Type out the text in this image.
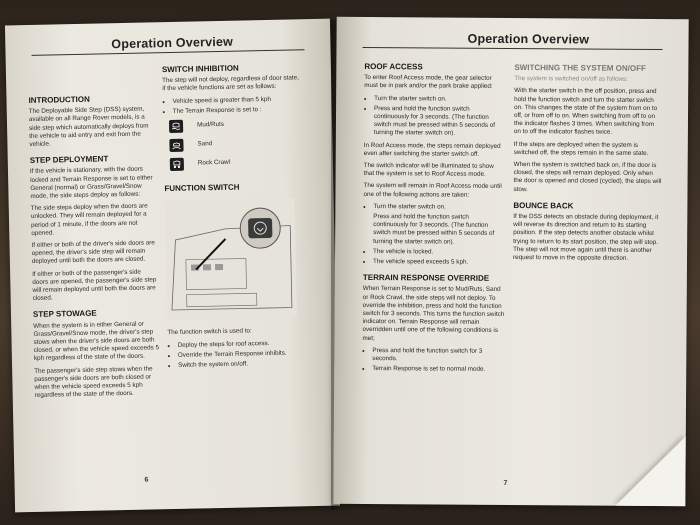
Operation Overview
INTRODUCTION
The Deployable Side Step (DSS) system, available on all Range Rover models, is a side step which automatically deploys from the vehicle to aid entry and exit from the vehicle.
STEP DEPLOYMENT
If the vehicle is stationary, with the doors locked and Terrain Response is set to either General (normal) or Grass/Gravel/Snow mode, the side steps deploy as follows:
The side steps deploy when the doors are unlocked. They will remain deployed for a period of 1 minute, if the doors are not opened.
If either or both of the driver's side doors are opened, the driver's side step will remain deployed until both the doors are closed.
If either or both of the passenger's side doors are opened, the passenger's side step will remain deployed until both the doors are closed.
STEP STOWAGE
When the system is in either General or Grass/Gravel/Snow mode, the driver's step stows when the driver's side doors are both closed, or when the vehicle speed exceeds 5 kph regardless of the state of the doors.
The passenger's side step stows when the passenger's side doors are both closed or when the vehicle speed exceeds 5 kph regardless of the state of the doors.
SWITCH INHIBITION
The step will not deploy, regardless of door state, if the vehicle functions are set as follows:
• Vehicle speed is greater than 5 kph
• The Terrain Response is set to :
Mud/Ruts
Sand
Rock Crawl
FUNCTION SWITCH
The function switch is used to:
• Deploy the steps for roof access.
• Override the Terrain Response inhibits.
• Switch the system on/off.
6
Operation Overview
ROOF ACCESS
To enter Roof Access mode, the gear selector must be in park and/or the park brake applied:
• Turn the starter switch on.
• Press and hold the function switch continuously for 3 seconds. (The function switch must be pressed within 5 seconds of turning the starter switch on).
In Roof Access mode, the steps remain deployed even after switching the starter switch off.
The switch indicator will be illuminated to show that the system is set to Roof Access mode.
The system will remain in Roof Access mode until one of the following actions are taken:
• Turn the starter switch on.
Press and hold the function switch continuously for 3 seconds. (The function switch must be pressed within 5 seconds of turning the starter switch on).
• The vehicle is locked.
• The vehicle speed exceeds 5 kph.
TERRAIN RESPONSE OVERRIDE
When Terrain Response is set to Mud/Ruts, Sand or Rock Crawl, the side steps will not deploy. To override the inhibition, press and hold the function switch for 3 seconds. This turns the function switch indicator on. Terrain Response will remain overridden until one of the following conditions is met;
• Press and hold the function switch for 3 seconds.
• Terrain Response is set to normal mode.
SWITCHING THE SYSTEM ON/OFF
The system is switched on/off as follows:
With the starter switch in the off position, press and hold the function switch and turn the starter switch on. This changes the state of the system from on to off, or from off to on. When switching from off to on the indicator flashes 3 times. When switching from on to off the indicator flashes twice.
If the steps are deployed when the system is switched off, the steps remain in the same state.
When the system is switched back on, if the door is closed, the steps will remain deployed. Only when the door is opened and closed (cycled), the steps will stow.
BOUNCE BACK
If the DSS detects an obstacle during deployment, it will reverse its direction and return to its starting position. If the step detects another obstacle whilst trying to return to its start position, the step will stop. The step will not move again until there is another request to move in the opposite direction.
7
